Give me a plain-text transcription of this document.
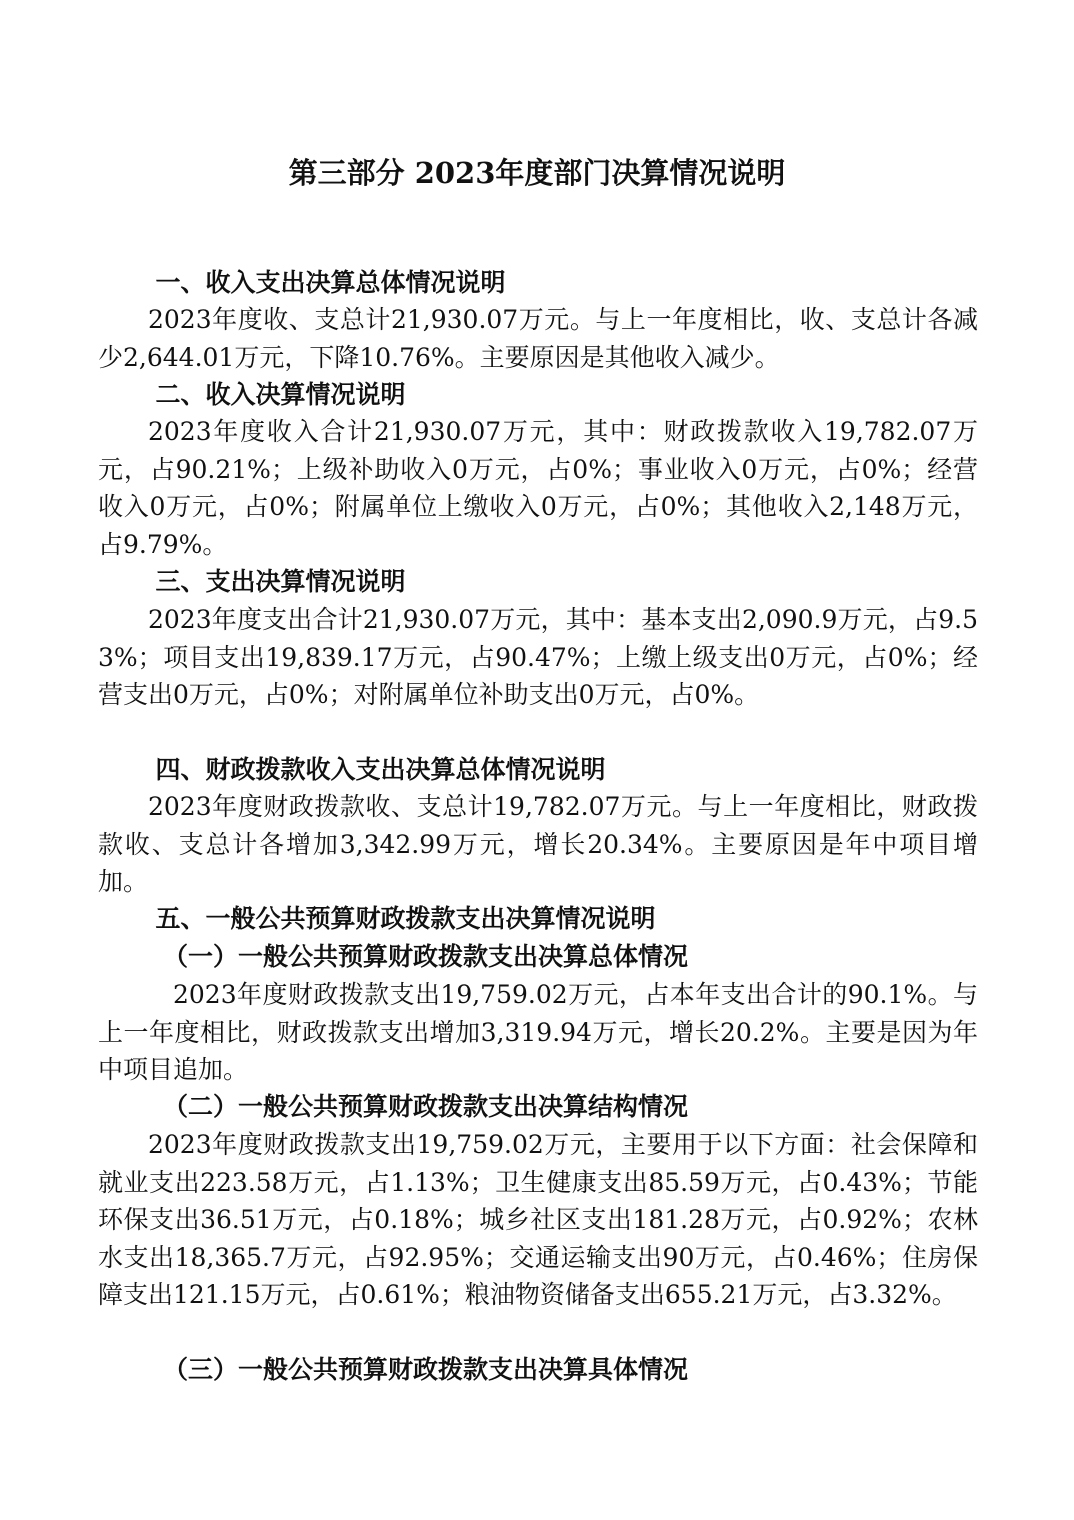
第三部分 2023年度部门决算情况说明

一、收入支出决算总体情况说明

2023年度收、支总计21,930.07万元。与上一年度相比，收、支总计各减少2,644.01万元，下降10.76%。主要原因是其他收入减少。

二、收入决算情况说明

2023年度收入合计21,930.07万元，其中：财政拨款收入19,782.07万元，占90.21%；上级补助收入0万元，占0%；事业收入0万元，占0%；经营收入0万元，占0%；附属单位上缴收入0万元，占0%；其他收入2,148万元，占9.79%。

三、支出决算情况说明

2023年度支出合计21,930.07万元，其中：基本支出2,090.9万元，占9.53%；项目支出19,839.17万元，占90.47%；上缴上级支出0万元，占0%；经营支出0万元，占0%；对附属单位补助支出0万元，占0%。

四、财政拨款收入支出决算总体情况说明

2023年度财政拨款收、支总计19,782.07万元。与上一年度相比，财政拨款收、支总计各增加3,342.99万元，增长20.34%。主要原因是年中项目增加。

五、一般公共预算财政拨款支出决算情况说明

（一）一般公共预算财政拨款支出决算总体情况

2023年度财政拨款支出19,759.02万元，占本年支出合计的90.1%。与上一年度相比，财政拨款支出增加3,319.94万元，增长20.2%。主要是因为年中项目追加。

（二）一般公共预算财政拨款支出决算结构情况

2023年度财政拨款支出19,759.02万元，主要用于以下方面：社会保障和就业支出223.58万元，占1.13%；卫生健康支出85.59万元，占0.43%；节能环保支出36.51万元，占0.18%；城乡社区支出181.28万元，占0.92%；农林水支出18,365.7万元，占92.95%；交通运输支出90万元，占0.46%；住房保障支出121.15万元，占0.61%；粮油物资储备支出655.21万元，占3.32%。

（三）一般公共预算财政拨款支出决算具体情况
